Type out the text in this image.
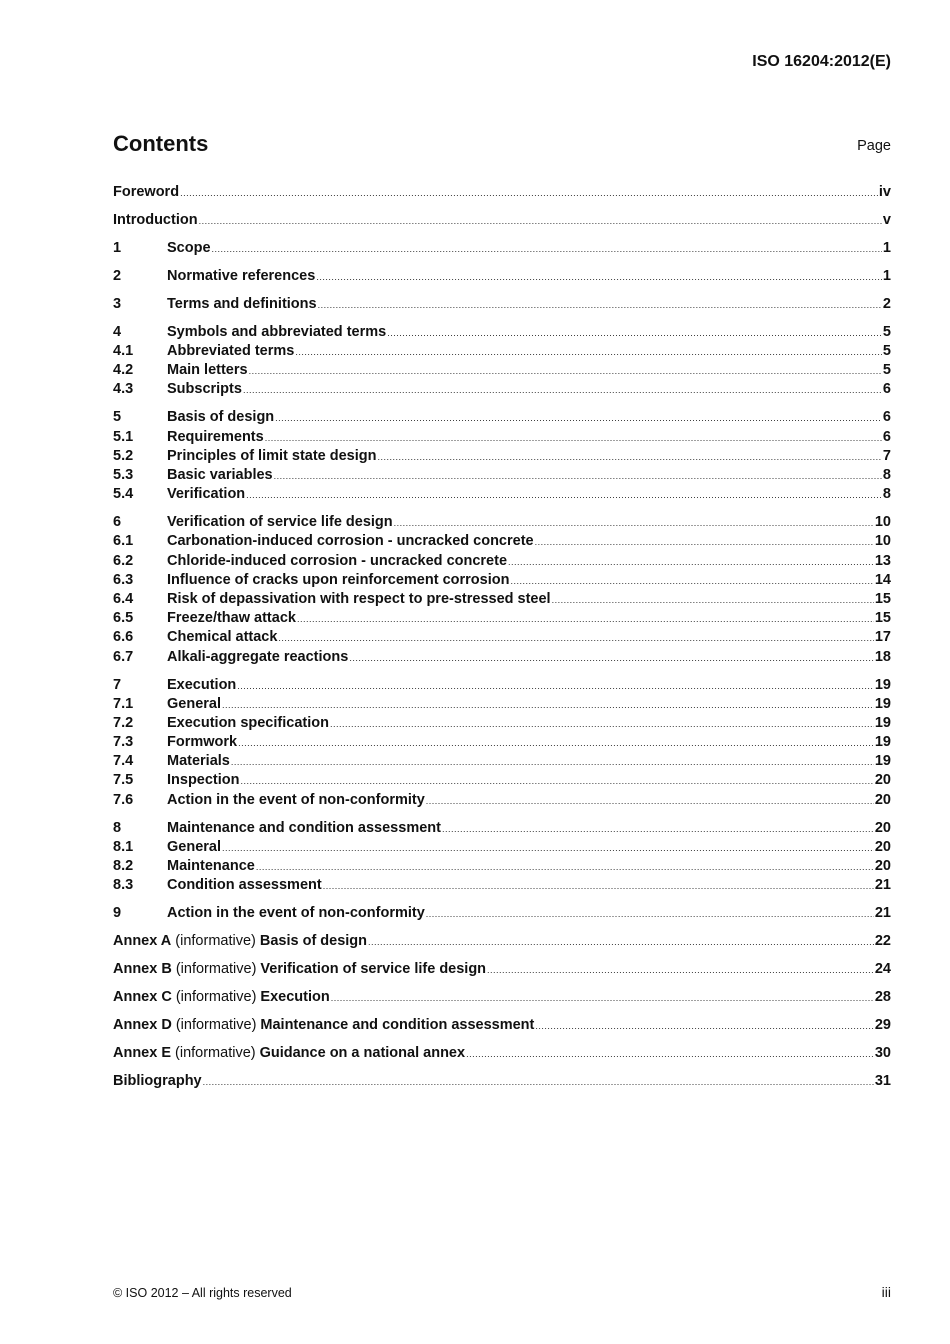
ISO 16204:2012(E)
Contents	Page
Foreword .....	iv
Introduction .....	v
1	Scope .....	1
2	Normative references .....	1
3	Terms and definitions .....	2
4	Symbols and abbreviated terms .....	5
4.1	Abbreviated terms .....	5
4.2	Main letters .....	5
4.3	Subscripts .....	6
5	Basis of design .....	6
5.1	Requirements .....	6
5.2	Principles of limit state design .....	7
5.3	Basic variables .....	8
5.4	Verification .....	8
6	Verification of service life design .....	10
6.1	Carbonation-induced corrosion - uncracked concrete .....	10
6.2	Chloride-induced corrosion - uncracked concrete .....	13
6.3	Influence of cracks upon reinforcement corrosion .....	14
6.4	Risk of depassivation with respect to pre-stressed steel .....	15
6.5	Freeze/thaw attack .....	15
6.6	Chemical attack .....	17
6.7	Alkali-aggregate reactions .....	18
7	Execution .....	19
7.1	General .....	19
7.2	Execution specification .....	19
7.3	Formwork .....	19
7.4	Materials .....	19
7.5	Inspection .....	20
7.6	Action in the event of non-conformity .....	20
8	Maintenance and condition assessment .....	20
8.1	General .....	20
8.2	Maintenance .....	20
8.3	Condition assessment .....	21
9	Action in the event of non-conformity .....	21
Annex A (informative) Basis of design .....	22
Annex B (informative) Verification of service life design .....	24
Annex C (informative) Execution .....	28
Annex D (informative) Maintenance and condition assessment .....	29
Annex E (informative) Guidance on a national annex .....	30
Bibliography .....	31
© ISO 2012 – All rights reserved	iii
